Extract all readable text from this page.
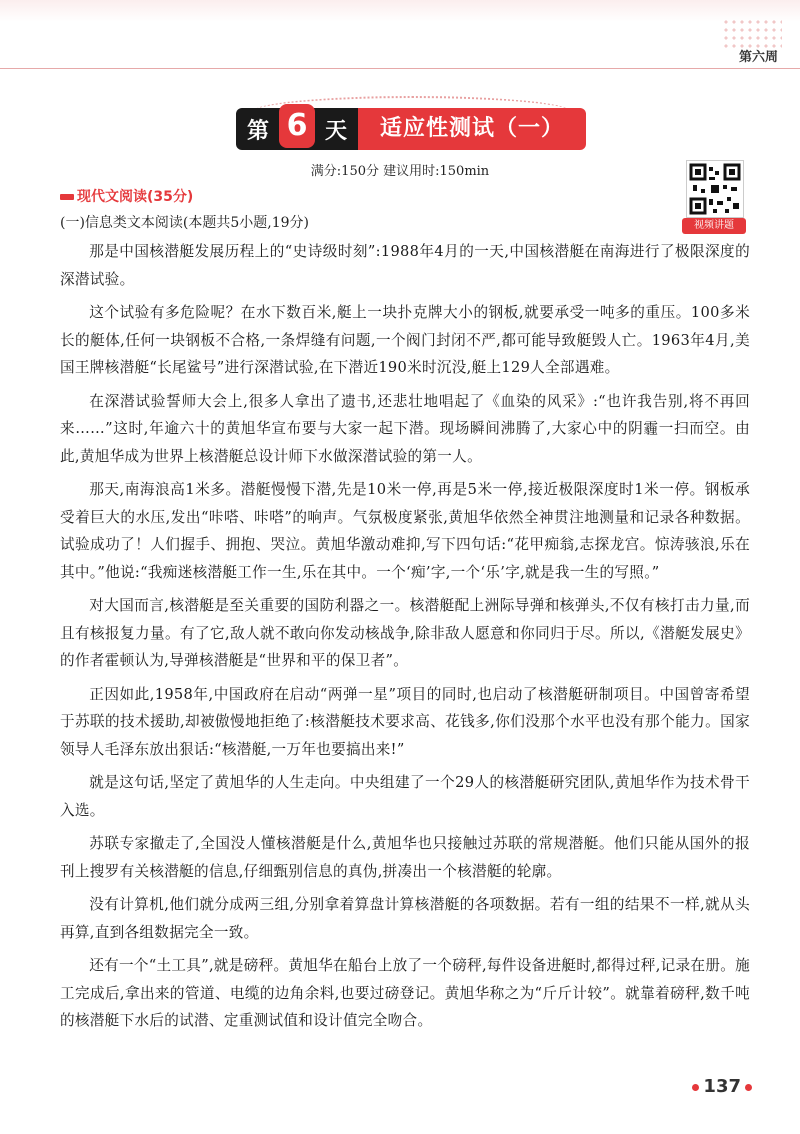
第六周
第 6 天	适应性测试（一）
满分:150分 建议用时:150min
视频讲题
现代文阅读(35分)
(一)信息类文本阅读(本题共5小题,19分)

那是中国核潜艇发展历程上的“史诗级时刻”:1988年4月的一天,中国核潜艇在南海进行了极限深度的深潜试验。

这个试验有多危险呢？在水下数百米,艇上一块扑克牌大小的钢板,就要承受一吨多的重压。100多米长的艇体,任何一块钢板不合格,一条焊缝有问题,一个阀门封闭不严,都可能导致艇毁人亡。1963年4月,美国王牌核潜艇“长尾鲨号”进行深潜试验,在下潜近190米时沉没,艇上129人全部遇难。

在深潜试验誓师大会上,很多人拿出了遗书,还悲壮地唱起了《血染的风采》:“也许我告别,将不再回来……”这时,年逾六十的黄旭华宣布要与大家一起下潜。现场瞬间沸腾了,大家心中的阴霾一扫而空。由此,黄旭华成为世界上核潜艇总设计师下水做深潜试验的第一人。

那天,南海浪高1米多。潜艇慢慢下潜,先是10米一停,再是5米一停,接近极限深度时1米一停。钢板承受着巨大的水压,发出“咔嗒、咔嗒”的响声。气氛极度紧张,黄旭华依然全神贯注地测量和记录各种数据。试验成功了！人们握手、拥抱、哭泣。黄旭华激动难抑,写下四句话:“花甲痴翁,志探龙宫。惊涛骇浪,乐在其中。”他说:“我痴迷核潜艇工作一生,乐在其中。一个‘痴’字,一个‘乐’字,就是我一生的写照。”

对大国而言,核潜艇是至关重要的国防利器之一。核潜艇配上洲际导弹和核弹头,不仅有核打击力量,而且有核报复力量。有了它,敌人就不敢向你发动核战争,除非敌人愿意和你同归于尽。所以,《潜艇发展史》的作者霍顿认为,导弹核潜艇是“世界和平的保卫者”。

正因如此,1958年,中国政府在启动“两弹一星”项目的同时,也启动了核潜艇研制项目。中国曾寄希望于苏联的技术援助,却被傲慢地拒绝了:核潜艇技术要求高、花钱多,你们没那个水平也没有那个能力。国家领导人毛泽东放出狠话:“核潜艇,一万年也要搞出来!”

就是这句话,坚定了黄旭华的人生走向。中央组建了一个29人的核潜艇研究团队,黄旭华作为技术骨干入选。

苏联专家撤走了,全国没人懂核潜艇是什么,黄旭华也只接触过苏联的常规潜艇。他们只能从国外的报刊上搜罗有关核潜艇的信息,仔细甄别信息的真伪,拼凑出一个核潜艇的轮廓。

没有计算机,他们就分成两三组,分别拿着算盘计算核潜艇的各项数据。若有一组的结果不一样,就从头再算,直到各组数据完全一致。

还有一个“土工具”,就是磅秤。黄旭华在船台上放了一个磅秤,每件设备进艇时,都得过秤,记录在册。施工完成后,拿出来的管道、电缆的边角余料,也要过磅登记。黄旭华称之为“斤斤计较”。就靠着磅秤,数千吨的核潜艇下水后的试潜、定重测试值和设计值完全吻合。

137
